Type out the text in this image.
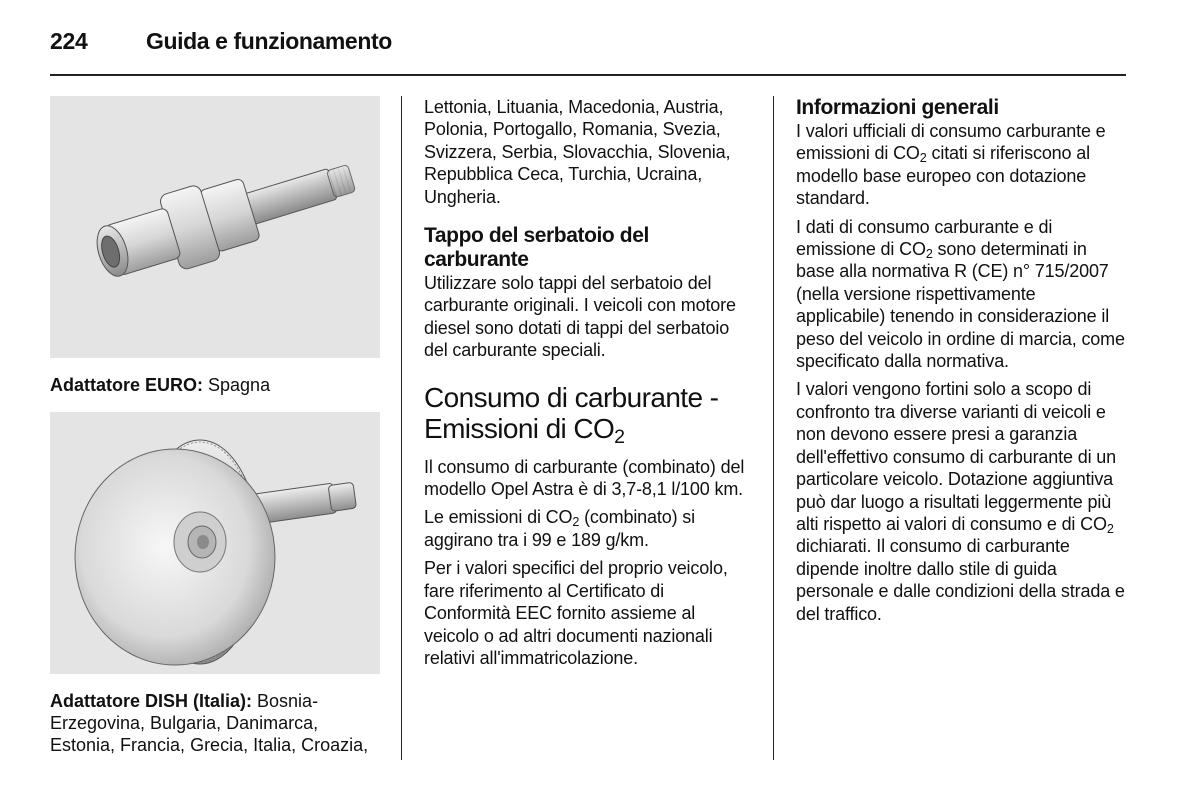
224	Guida e funzionamento
Adattatore EURO: Spagna
Adattatore DISH (Italia): Bosnia-Erzegovina, Bulgaria, Danimarca, Estonia, Francia, Grecia, Italia, Croazia,

Lettonia, Lituania, Macedonia, Austria, Polonia, Portogallo, Romania, Svezia, Svizzera, Serbia, Slovacchia, Slovenia, Repubblica Ceca, Turchia, Ucraina, Ungheria.

Tappo del serbatoio del carburante

Utilizzare solo tappi del serbatoio del carburante originali. I veicoli con motore diesel sono dotati di tappi del serbatoio del carburante speciali.

Consumo di carburante - Emissioni di $CO_2$

Il consumo di carburante (combinato) del modello Opel Astra è di 3,7-8,1 l/100 km.

Le emissioni di $CO_2$ (combinato) si aggirano tra i 99 e 189 g/km.

Per i valori specifici del proprio veicolo, fare riferimento al Certificato di Conformità EEC fornito assieme al veicolo o ad altri documenti nazionali relativi all'immatricolazione.

Informazioni generali

I valori ufficiali di consumo carburante e emissioni di $CO_2$ citati si riferiscono al modello base europeo con dotazione standard.

I dati di consumo carburante e di emissione di $CO_2$ sono determinati in base alla normativa R (CE) n° 715/2007 (nella versione rispettivamente applicabile) tenendo in considerazione il peso del veicolo in ordine di marcia, come specificato dalla normativa.

I valori vengono fortini solo a scopo di confronto tra diverse varianti di veicoli e non devono essere presi a garanzia dell'effettivo consumo di carburante di un particolare veicolo. Dotazione aggiuntiva può dar luogo a risultati leggermente più alti rispetto ai valori di consumo e di $CO_2$ dichiarati. Il consumo di carburante dipende inoltre dallo stile di guida personale e dalle condizioni della strada e del traffico.
